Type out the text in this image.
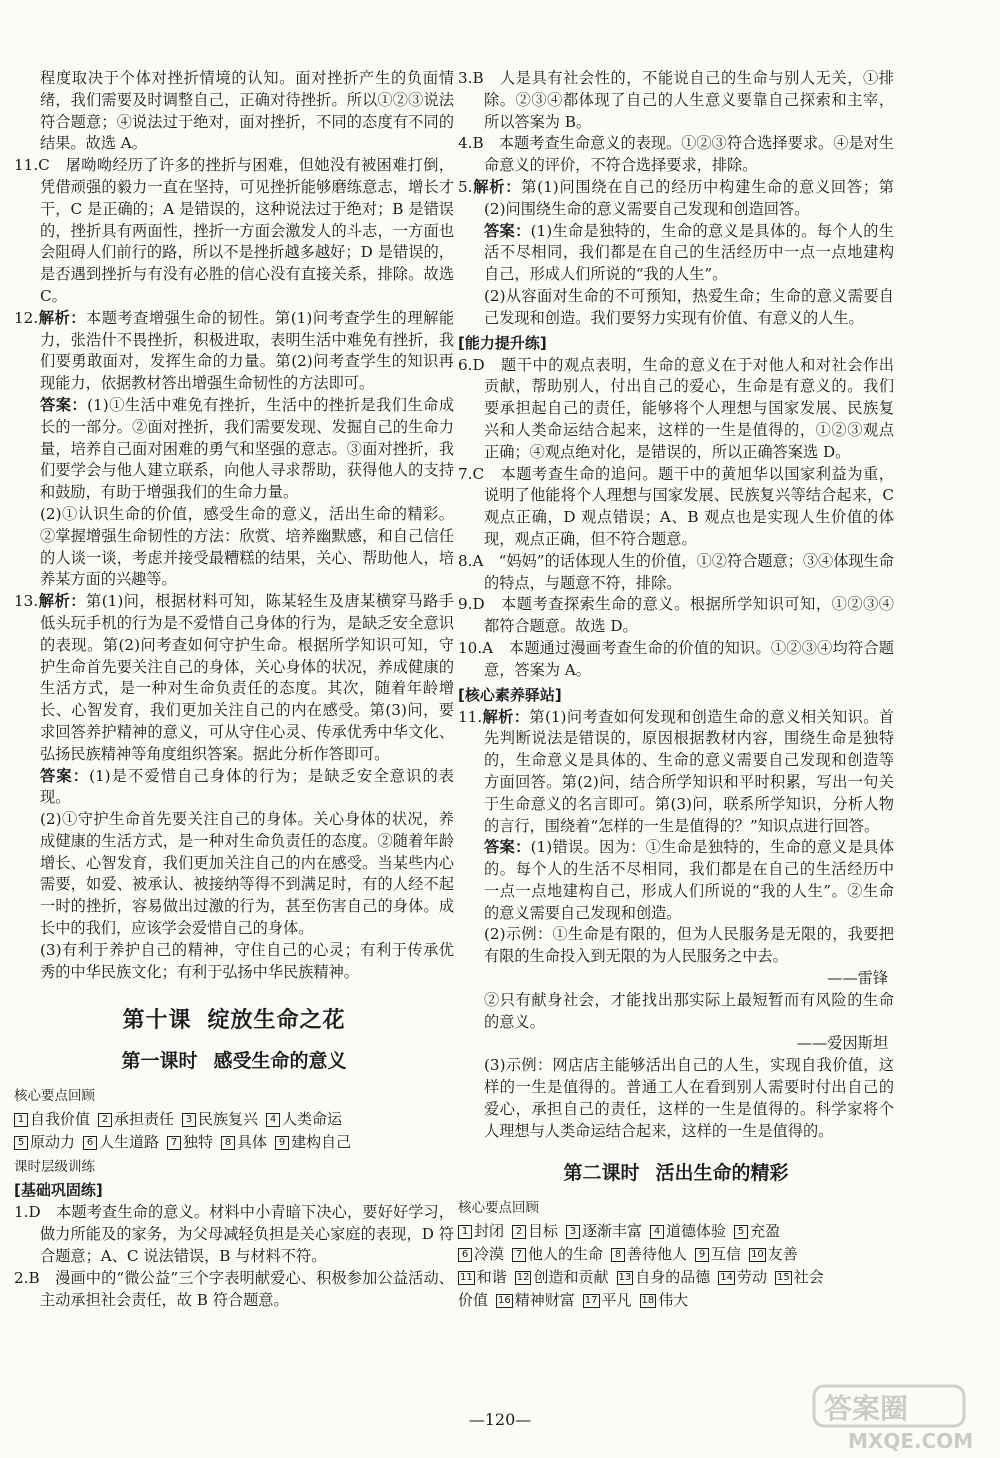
程度取决于个体对挫折情境的认知。面对挫折产生的负面情绪，我们需要及时调整自己，正确对待挫折。所以①②③说法符合题意；④说法过于绝对，面对挫折，不同的态度有不同的结果。故选 A。

11.C　屠呦呦经历了许多的挫折与困难，但她没有被困难打倒，凭借顽强的毅力一直在坚持，可见挫折能够磨练意志，增长才干，C 是正确的；A 是错误的，这种说法过于绝对；B 是错误的，挫折具有两面性，挫折一方面会激发人的斗志，一方面也会阻碍人们前行的路，所以不是挫折越多越好；D 是错误的，是否遇到挫折与有没有必胜的信心没有直接关系，排除。故选 C。

12.解析：本题考查增强生命的韧性。第(1)问考查学生的理解能力，张浩什不畏挫折，积极进取，表明生活中难免有挫折，我们要勇敢面对，发挥生命的力量。第(2)问考查学生的知识再现能力，依据教材答出增强生命韧性的方法即可。

答案：(1)①生活中难免有挫折，生活中的挫折是我们生命成长的一部分。②面对挫折，我们需要发现、发掘自己的生命力量，培养自己面对困难的勇气和坚强的意志。③面对挫折，我们要学会与他人建立联系，向他人寻求帮助，获得他人的支持和鼓励，有助于增强我们的生命力量。

(2)①认识生命的价值，感受生命的意义，活出生命的精彩。②掌握增强生命韧性的方法：欣赏、培养幽默感，和自己信任的人谈一谈，考虑并接受最糟糕的结果，关心、帮助他人，培养某方面的兴趣等。

13.解析：第(1)问，根据材料可知，陈某轻生及唐某横穿马路手低头玩手机的行为是不爱惜自己身体的行为，是缺乏安全意识的表现。第(2)问考查如何守护生命。根据所学知识可知，守护生命首先要关注自己的身体，关心身体的状况，养成健康的生活方式，是一种对生命负责任的态度。其次，随着年龄增长、心智发育，我们更加关注自己的内在感受。第(3)问，要求回答养护精神的意义，可从守住心灵、传承优秀中华文化、弘扬民族精神等角度组织答案。据此分析作答即可。

答案：(1)是不爱惜自己身体的行为；是缺乏安全意识的表现。

(2)①守护生命首先要关注自己的身体。关心身体的状况，养成健康的生活方式，是一种对生命负责任的态度。②随着年龄增长、心智发育，我们更加关注自己的内在感受。当某些内心需要，如爱、被承认、被接纳等得不到满足时，有的人经不起一时的挫折，容易做出过激的行为，甚至伤害自己的身体。成长中的我们，应该学会爱惜自己的身体。

(3)有利于养护自己的精神，守住自己的心灵；有利于传承优秀的中华民族文化；有利于弘扬中华民族精神。

第十课 绽放生命之花
第一课时 感受生命的意义
核心要点回顾
1 自我价值 2 承担责任 3 民族复兴 4 人类命运
5 原动力 6 人生道路 7 独特 8 具体 9 建构自己
课时层级训练
[基础巩固练]

1.D　本题考查生命的意义。材料中小青暗下决心，要好好学习，做力所能及的家务，为父母减轻负担是关心家庭的表现，D 符合题意；A、C 说法错误，B 与材料不符。

2.B　漫画中的“微公益”三个字表明献爱心、积极参加公益活动、主动承担社会责任，故 B 符合题意。

3.B　人是具有社会性的，不能说自己的生命与别人无关，①排除。②③④都体现了自己的人生意义要靠自己探索和主宰，所以答案为 B。

4.B　本题考查生命意义的表现。①②③符合选择要求。④是对生命意义的评价，不符合选择要求，排除。

5.解析：第(1)问围绕在自己的经历中构建生命的意义回答；第(2)问围绕生命的意义需要自己发现和创造回答。

答案：(1)生命是独特的，生命的意义是具体的。每个人的生活不尽相同，我们都是在自己的生活经历中一点一点地建构自己，形成人们所说的“我的人生”。

(2)从容面对生命的不可预知，热爱生命；生命的意义需要自己发现和创造。我们要努力实现有价值、有意义的人生。

[能力提升练]

6.D　题干中的观点表明，生命的意义在于对他人和对社会作出贡献，帮助别人，付出自己的爱心，生命是有意义的。我们要承担起自己的责任，能够将个人理想与国家发展、民族复兴和人类命运结合起来，这样的一生是值得的，①②③观点正确；④观点绝对化，是错误的，所以正确答案选 D。

7.C　本题考查生命的追问。题干中的黄旭华以国家利益为重，说明了他能将个人理想与国家发展、民族复兴等结合起来，C 观点正确，D 观点错误；A、B 观点也是实现人生价值的体现，观点正确，但不符合题意。

8.A　“妈妈”的话体现人生的价值，①②符合题意；③④体现生命的特点，与题意不符，排除。

9.D　本题考查探索生命的意义。根据所学知识可知，①②③④都符合题意。故选 D。

10.A　本题通过漫画考查生命的价值的知识。①②③④均符合题意，答案为 A。

[核心素养驿站]

11.解析：第(1)问考查如何发现和创造生命的意义相关知识。首先判断说法是错误的，原因根据教材内容，围绕生命是独特的，生命意义是具体的、生命的意义需要自己发现和创造等方面回答。第(2)问，结合所学知识和平时积累，写出一句关于生命意义的名言即可。第(3)问，联系所学知识，分析人物的言行，围绕着“怎样的一生是值得的？”知识点进行回答。

答案：(1)错误。因为：①生命是独特的，生命的意义是具体的。每个人的生活不尽相同，我们都是在自己的生活经历中一点一点地建构自己，形成人们所说的“我的人生”。②生命的意义需要自己发现和创造。

(2)示例：①生命是有限的，但为人民服务是无限的，我要把有限的生命投入到无限的为人民服务之中去。

——雷锋

②只有献身社会，才能找出那实际上最短暂而有风险的生命的意义。

——爱因斯坦

(3)示例：网店店主能够活出自己的人生，实现自我价值，这样的一生是值得的。普通工人在看到别人需要时付出自己的爱心，承担自己的责任，这样的一生是值得的。科学家将个人理想与人类命运结合起来，这样的一生是值得的。

第二课时 活出生命的精彩
核心要点回顾
1 封闭 2 目标 3 逐渐丰富 4 道德体验 5 充盈
6 冷漠 7 他人的生命 8 善待他人 9 互信 10 友善
11 和谐 12 创造和贡献 13 自身的品德 14 劳动 15 社会
价值 16 精神财富 17 平凡 18 伟大
—120—	答案圈
MXQE.COM
